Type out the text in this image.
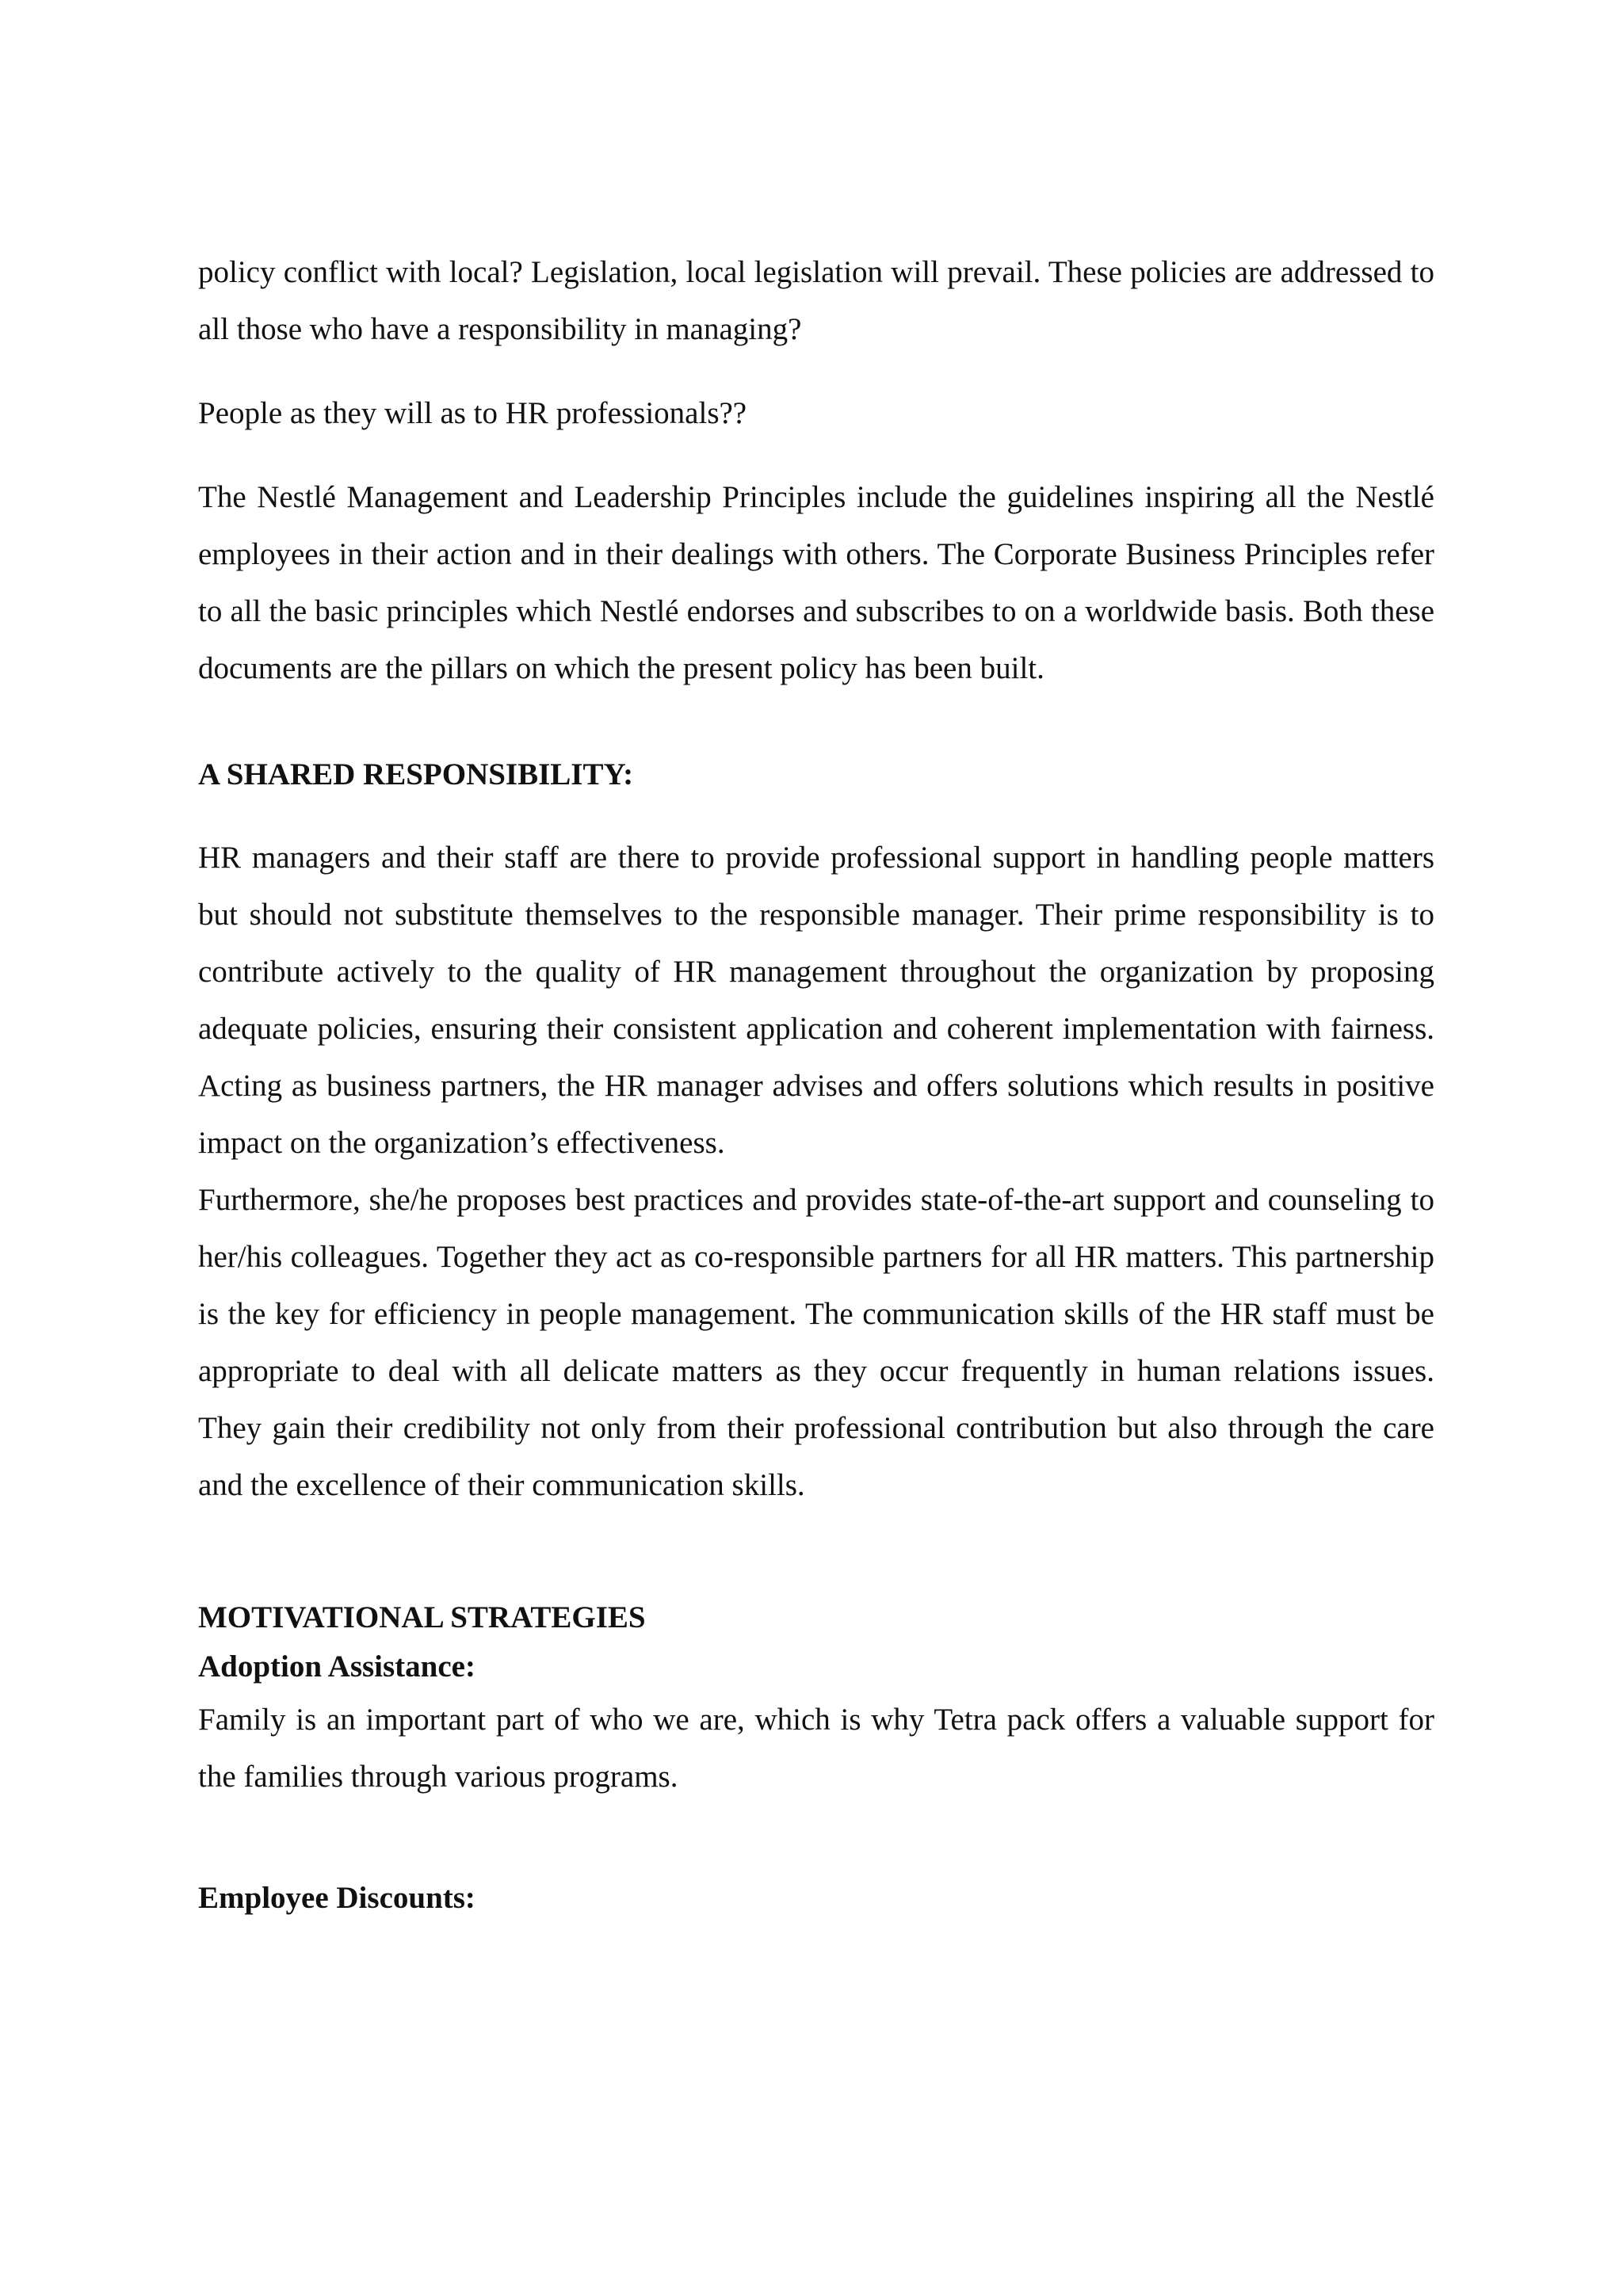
policy conflict with local? Legislation, local legislation will prevail. These policies are addressed to all those who have a responsibility in managing?

People as they will as to HR professionals??

The Nestlé Management and Leadership Principles include the guidelines inspiring all the Nestlé employees in their action and in their dealings with others. The Corporate Business Principles refer to all the basic principles which Nestlé endorses and subscribes to on a worldwide basis. Both these documents are the pillars on which the present policy has been built.

A SHARED RESPONSIBILITY:

HR managers and their staff are there to provide professional support in handling people matters but should not substitute themselves to the responsible manager. Their prime responsibility is to contribute actively to the quality of HR management throughout the organization by proposing adequate policies, ensuring their consistent application and coherent implementation with fairness. Acting as business partners, the HR manager advises and offers solutions which results in positive impact on the organization’s effectiveness.

Furthermore, she/he proposes best practices and provides state-of-the-art support and counseling to her/his colleagues. Together they act as co-responsible partners for all HR matters. This partnership is the key for efficiency in people management. The communication skills of the HR staff must be appropriate to deal with all delicate matters as they occur frequently in human relations issues. They gain their credibility not only from their professional contribution but also through the care and the excellence of their communication skills.

MOTIVATIONAL STRATEGIES
Adoption Assistance:

Family is an important part of who we are, which is why Tetra pack offers a valuable support for the families through various programs.

Employee Discounts:
